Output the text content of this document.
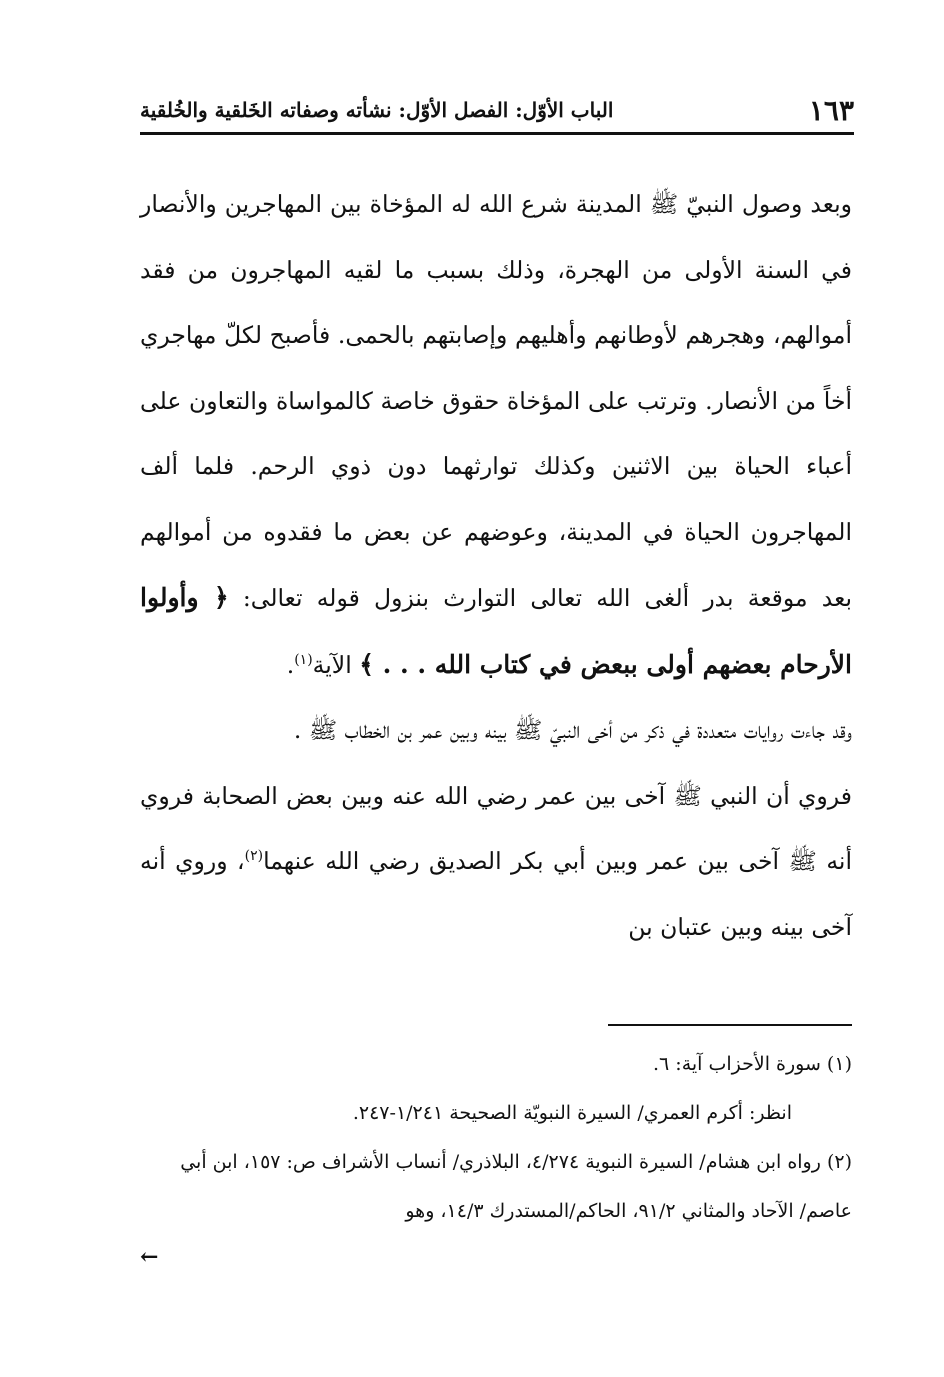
١٦٣
الباب الأوّل: الفصل الأوّل: نشأته وصفاته الخَلقية والخُلقية

وبعد وصول النبيّ ﷺ المدينة شرع الله له المؤخاة بين المهاجرين والأنصار في السنة الأولى من الهجرة، وذلك بسبب ما لقيه المهاجرون من فقد أموالهم، وهجرهم لأوطانهم وأهليهم وإصابتهم بالحمى. فأصبح لكلّ مهاجري أخاً من الأنصار. وترتب على المؤخاة حقوق خاصة كالمواساة والتعاون على أعباء الحياة بين الاثنين وكذلك توارثهما دون ذوي الرحم. فلما ألف المهاجرون الحياة في المدينة، وعوضهم عن بعض ما فقدوه من أموالهم بعد موقعة بدر ألغى الله تعالى التوارث بنزول قوله تعالى: ﴿ وأولوا الأرحام بعضهم أولى ببعض في كتاب الله . . . ﴾ الآية$^{(١)}$.

وقد جاءت روايات متعددة في ذكر من أخى النبيّ ﷺ بينه وبين عمر بن الخطاب ﷺ .

فروي أن النبي ﷺ آخى بين عمر رضي الله عنه وبين بعض الصحابة فروي أنه ﷺ آخى بين عمر وبين أبي بكر الصديق رضي الله عنهما$^{(٢)}$، وروي أنه آخى بينه وبين عتبان بن

(١) سورة الأحزاب آية: ٦.

انظر: أكرم العمري/ السيرة النبويّة الصحيحة ١/٢٤١-٢٤٧.

(٢) رواه ابن هشام/ السيرة النبوية ٤/٢٧٤، البلاذري/ أنساب الأشراف ص: ١٥٧، ابن أبي عاصم/ الآحاد والمثاني ٩١/٢، الحاكم/المستدرك ١٤/٣، وهو

←
